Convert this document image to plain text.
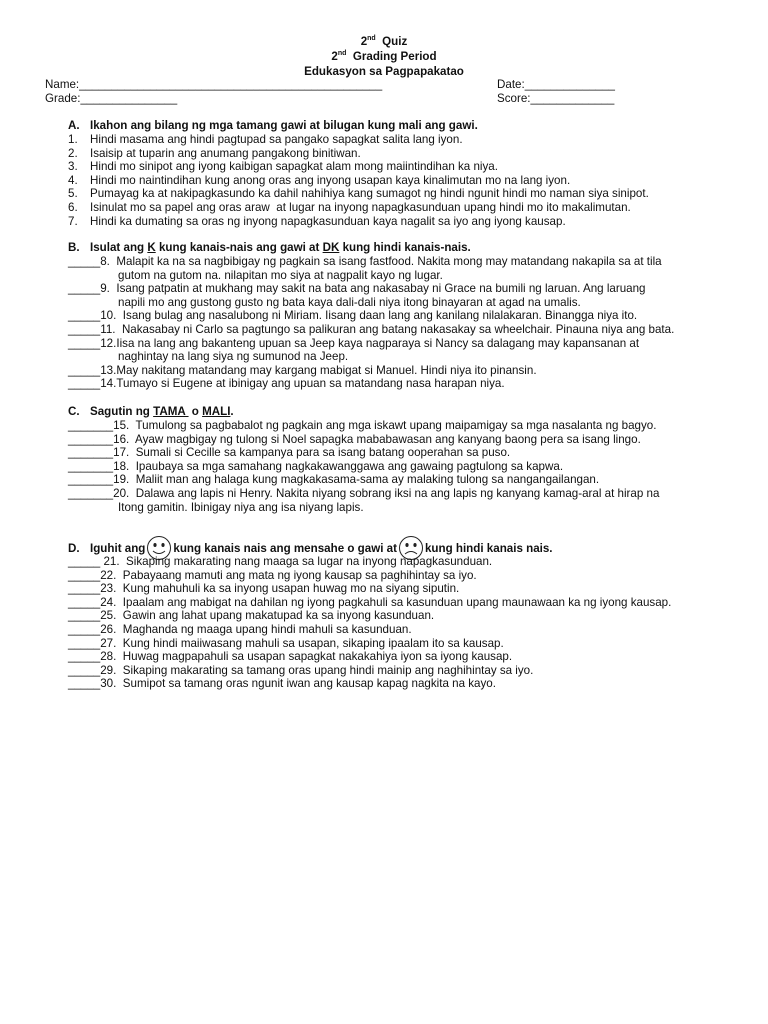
2nd  Quiz
2nd  Grading Period
Edukasyon sa Pagpapakatao
Name:_______________________________________________	Date:______________
Grade:_______________	Score:_____________
A. Ikahon ang bilang ng mga tamang gawi at bilugan kung mali ang gawi.
1. Hindi masama ang hindi pagtupad sa pangako sapagkat salita lang iyon.
2. Isaisip at tuparin ang anumang pangakong binitiwan.
3. Hindi mo sinipot ang iyong kaibigan sapagkat alam mong maiintindihan ka niya.
4. Hindi mo naintindihan kung anong oras ang inyong usapan kaya kinalimutan mo na lang iyon.
5. Pumayag ka at nakipagkasundo ka dahil nahihiya kang sumagot ng hindi ngunit hindi mo naman siya sinipot.
6. Isinulat mo sa papel ang oras araw  at lugar na inyong napagkasunduan upang hindi mo ito makalimutan.
7. Hindi ka dumating sa oras ng inyong napagkasunduan kaya nagalit sa iyo ang iyong kausap.
B. Isulat ang K kung kanais-nais ang gawi at DK kung hindi kanais-nais.
_____8.  Malapit ka na sa nagbibigay ng pagkain sa isang fastfood. Nakita mong may matandang nakapila sa at tila
gutom na gutom na. nilapitan mo siya at nagpalit kayo ng lugar.
_____9.  Isang patpatin at mukhang may sakit na bata ang nakasabay ni Grace na bumili ng laruan. Ang laruang
napili mo ang gustong gusto ng bata kaya dali-dali niya itong binayaran at agad na umalis.
_____10.  Isang bulag ang nasalubong ni Miriam. Iisang daan lang ang kanilang nilalakaran. Binangga niya ito.
_____11.  Nakasabay ni Carlo sa pagtungo sa palikuran ang batang nakasakay sa wheelchair. Pinauna niya ang bata.
_____12.Iisa na lang ang bakanteng upuan sa Jeep kaya nagparaya si Nancy sa dalagang may kapansanan at
naghintay na lang siya ng sumunod na Jeep.
_____13.May nakitang matandang may kargang mabigat si Manuel. Hindi niya ito pinansin.
_____14.Tumayo si Eugene at ibinigay ang upuan sa matandang nasa harapan niya.
C. Sagutin ng TAMA  o MALI.
_______15.  Tumulong sa pagbabalot ng pagkain ang mga iskawt upang maipamigay sa mga nasalanta ng bagyo.
_______16.  Ayaw magbigay ng tulong si Noel sapagka mababawasan ang kanyang baong pera sa isang lingo.
_______17.  Sumali si Cecille sa kampanya para sa isang batang ooperahan sa puso.
_______18.  Ipaubaya sa mga samahang nagkakawanggawa ang gawaing pagtulong sa kapwa.
_______19.  Maliit man ang halaga kung magkakasama-sama ay malaking tulong sa nangangailangan.
_______20.  Dalawa ang lapis ni Henry. Nakita niyang sobrang iksi na ang lapis ng kanyang kamag-aral at hirap na
Itong gamitin. Ibinigay niya ang isa niyang lapis.
D. Iguhit ang kung kanais nais ang mensahe o gawi at kung hindi kanais nais.
_____ 21.  Sikaping makarating nang maaga sa lugar na inyong napagkasunduan.
_____22.  Pabayaang mamuti ang mata ng iyong kausap sa paghihintay sa iyo.
_____23.  Kung mahuhuli ka sa inyong usapan huwag mo na siyang siputin.
_____24.  Ipaalam ang mabigat na dahilan ng iyong pagkahuli sa kasunduan upang maunawaan ka ng iyong kausap.
_____25.  Gawin ang lahat upang makatupad ka sa inyong kasunduan.
_____26.  Maghanda ng maaga upang hindi mahuli sa kasunduan.
_____27.  Kung hindi maiiwasang mahuli sa usapan, sikaping ipaalam ito sa kausap.
_____28.  Huwag magpapahuli sa usapan sapagkat nakakahiya iyon sa iyong kausap.
_____29.  Sikaping makarating sa tamang oras upang hindi mainip ang naghihintay sa iyo.
_____30.  Sumipot sa tamang oras ngunit iwan ang kausap kapag nagkita na kayo.
